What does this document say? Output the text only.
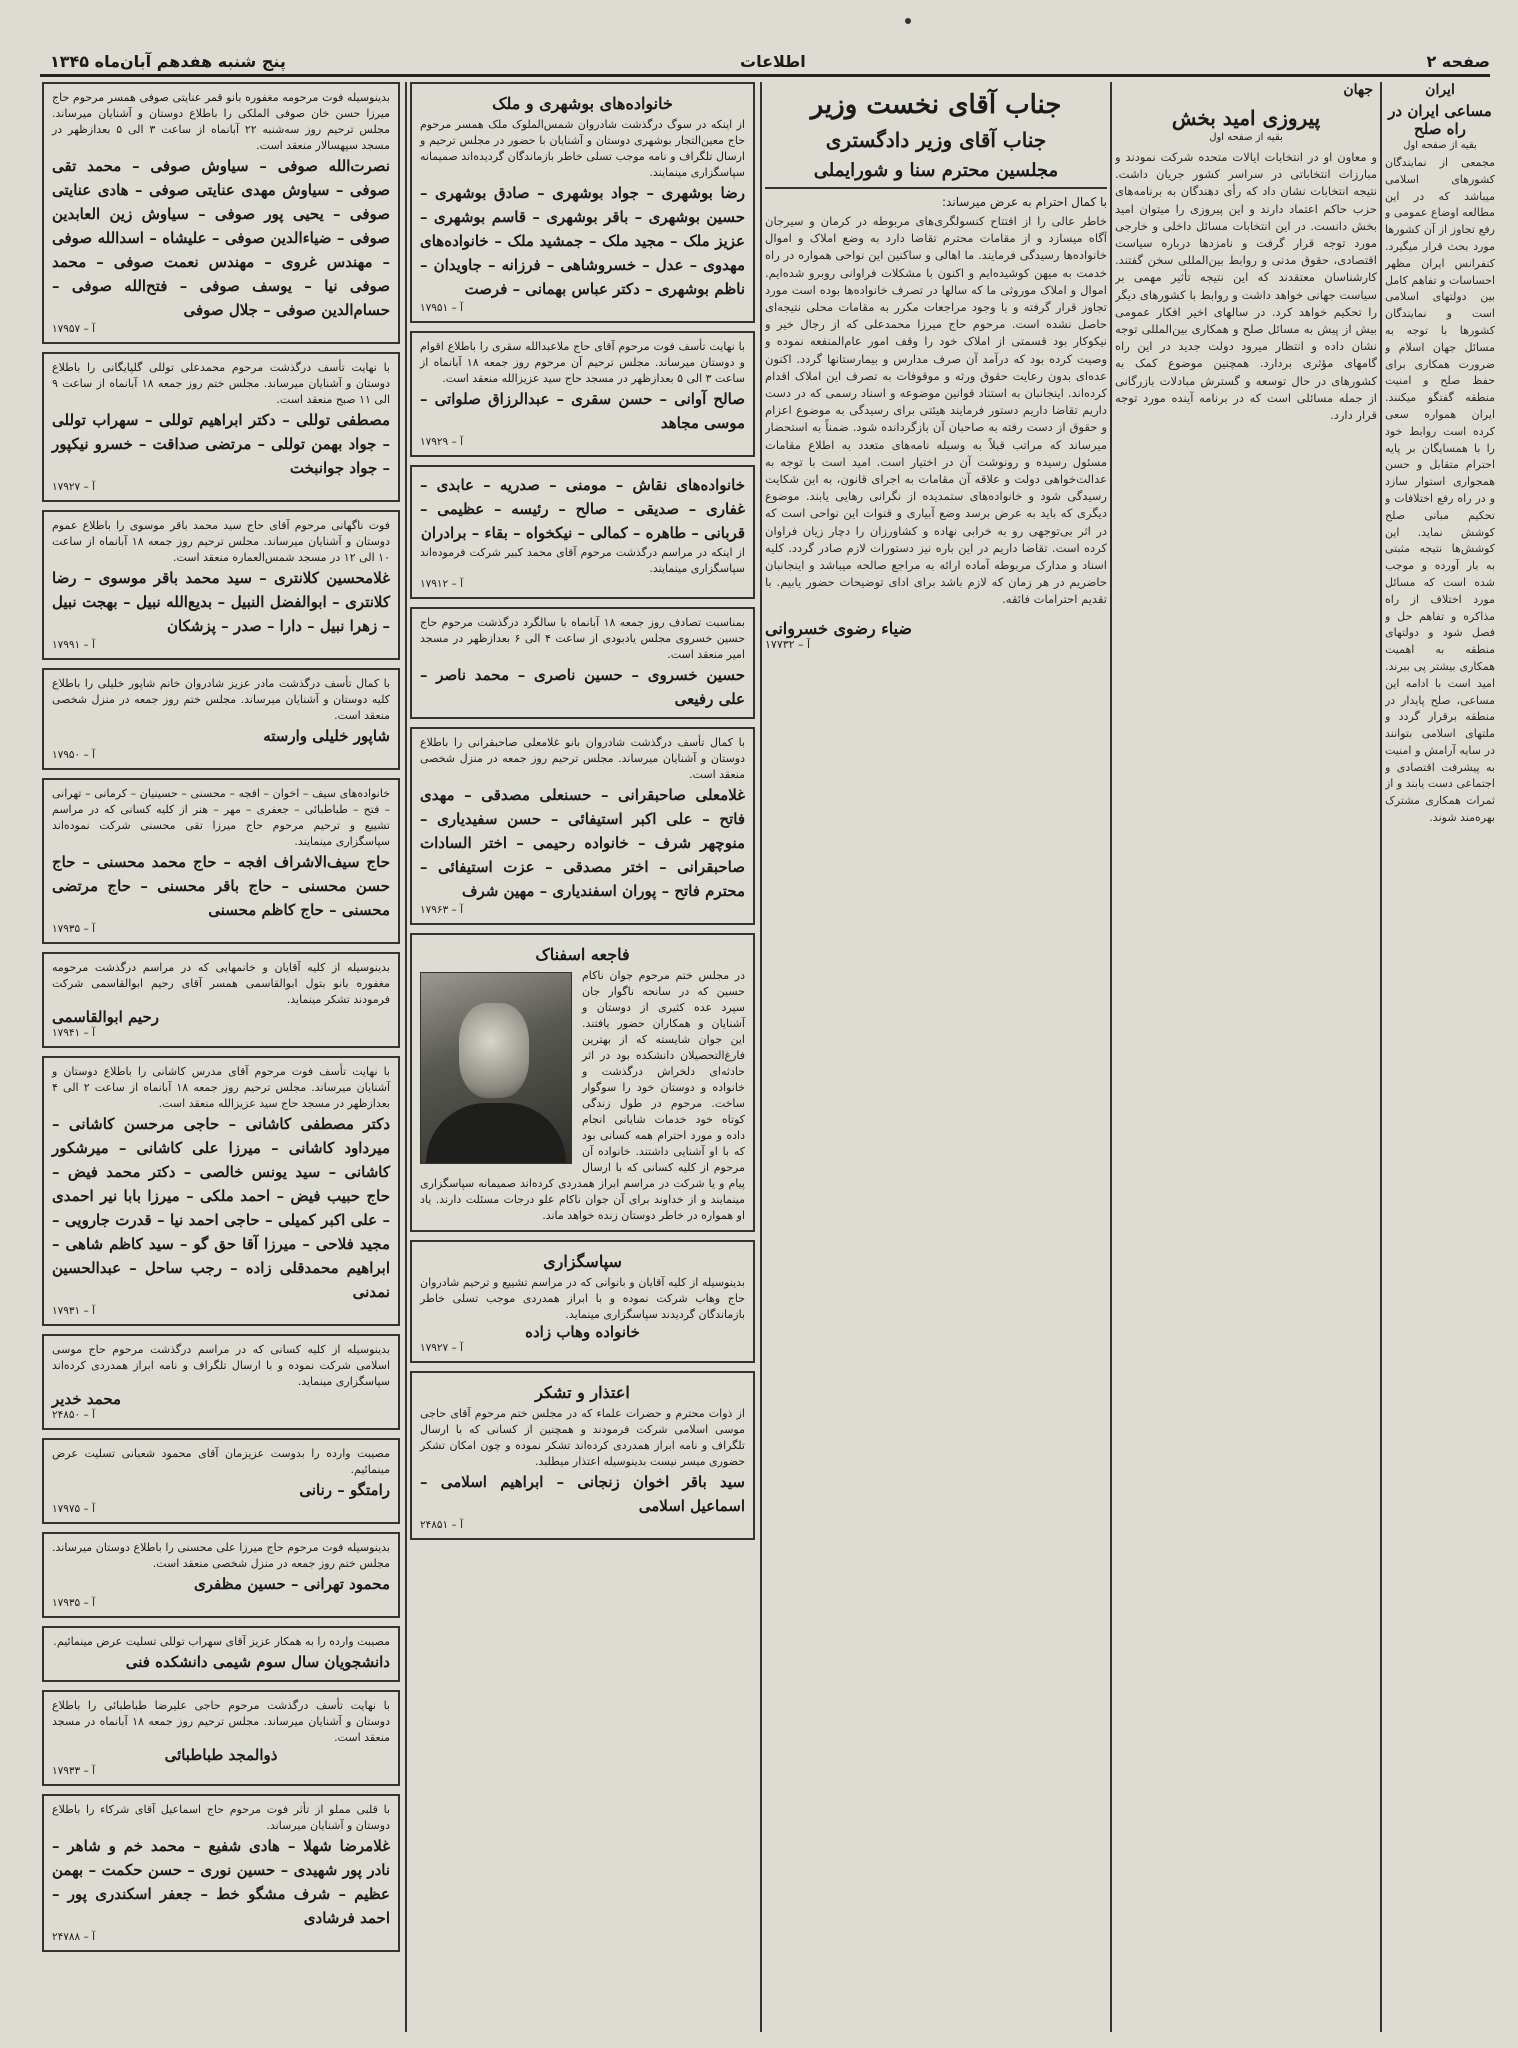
پنج شنبه هفدهم آبان‌ماه ۱۳۴۵	اطلاعات	صفحه ۲
ایران
مساعی ایران در راه صلح
بقیه از صفحه اول
مجمعی از نمایندگان کشورهای اسلامی میباشد که در این مطالعه اوضاع عمومی و رفع تجاوز از آن کشورها مورد بحث قرار میگیرد. کنفرانس ایران مظهر احساسات و تفاهم کامل بین دولتهای اسلامی است و نمایندگان کشورها با توجه به مسائل جهان اسلام و ضرورت همکاری برای حفظ صلح و امنیت منطقه گفتگو میکنند. ایران همواره سعی کرده است روابط خود را با همسایگان بر پایه احترام متقابل و حسن همجواری استوار سازد و در راه رفع اختلافات و تحکیم مبانی صلح کوشش نماید. این کوشش‌ها نتیجه مثبتی به بار آورده و موجب شده است که مسائل مورد اختلاف از راه مذاکره و تفاهم حل و فصل شود و دولتهای منطقه به اهمیت همکاری بیشتر پی ببرند. امید است با ادامه این مساعی، صلح پایدار در منطقه برقرار گردد و ملتهای اسلامی بتوانند در سایه آرامش و امنیت به پیشرفت اقتصادی و اجتماعی دست یابند و از ثمرات همکاری مشترک بهره‌مند شوند.
جهان
پیروزی امید بخش
بقیه از صفحه اول
و معاون او در انتخابات ایالات متحده شرکت نمودند و مبارزات انتخاباتی در سراسر کشور جریان داشت. نتیجه انتخابات نشان داد که رأی دهندگان به برنامه‌های حزب حاکم اعتماد دارند و این پیروزی را میتوان امید بخش دانست. در این انتخابات مسائل داخلی و خارجی مورد توجه قرار گرفت و نامزدها درباره سیاست اقتصادی، حقوق مدنی و روابط بین‌المللی سخن گفتند. کارشناسان معتقدند که این نتیجه تأثیر مهمی بر سیاست جهانی خواهد داشت و روابط با کشورهای دیگر را تحکیم خواهد کرد. در سالهای اخیر افکار عمومی بیش از پیش به مسائل صلح و همکاری بین‌المللی توجه نشان داده و انتظار میرود دولت جدید در این راه گامهای مؤثری بردارد. همچنین موضوع کمک به کشورهای در حال توسعه و گسترش مبادلات بازرگانی از جمله مسائلی است که در برنامه آینده مورد توجه قرار دارد.
جناب آقای نخست وزیر
جناب آقای وزیر دادگستری
مجلسین محترم سنا و شورایملی
با کمال احترام به عرض میرساند:
خاطر عالی را از افتتاح کنسولگری‌های مربوطه در کرمان و سیرجان آگاه میسازد و از مقامات محترم تقاضا دارد به وضع املاک و اموال خانواده‌ها رسیدگی فرمایند. ما اهالی و ساکنین این نواحی همواره در راه خدمت به میهن کوشیده‌ایم و اکنون با مشکلات فراوانی روبرو شده‌ایم. اموال و املاک موروثی ما که سالها در تصرف خانواده‌ها بوده است مورد تجاوز قرار گرفته و با وجود مراجعات مکرر به مقامات محلی نتیجه‌ای حاصل نشده است. مرحوم حاج میرزا محمدعلی که از رجال خیر و نیکوکار بود قسمتی از املاک خود را وقف امور عام‌المنفعه نموده و وصیت کرده بود که درآمد آن صرف مدارس و بیمارستانها گردد. اکنون عده‌ای بدون رعایت حقوق ورثه و موقوفات به تصرف این املاک اقدام کرده‌اند. اینجانبان به استناد قوانین موضوعه و اسناد رسمی که در دست داریم تقاضا داریم دستور فرمایند هیئتی برای رسیدگی به موضوع اعزام و حقوق از دست رفته به صاحبان آن بازگردانده شود. ضمناً به استحضار میرساند که مراتب قبلاً به وسیله نامه‌های متعدد به اطلاع مقامات مسئول رسیده و رونوشت آن در اختیار است. امید است با توجه به عدالت‌خواهی دولت و علاقه آن مقامات به اجرای قانون، به این شکایت رسیدگی شود و خانواده‌های ستمدیده از نگرانی رهایی یابند. موضوع دیگری که باید به عرض برسد وضع آبیاری و قنوات این نواحی است که در اثر بی‌توجهی رو به خرابی نهاده و کشاورزان را دچار زیان فراوان کرده است. تقاضا داریم در این باره نیز دستورات لازم صادر گردد. کلیه اسناد و مدارک مربوطه آماده ارائه به مراجع صالحه میباشد و اینجانبان حاضریم در هر زمان که لازم باشد برای ادای توضیحات حضور یابیم. با تقدیم احترامات فائقه.
ضیاء رضوی خسروانی
آ – ۱۷۷۳۲
خانواده‌های بوشهری و ملک
از اینکه در سوگ درگذشت شادروان شمس‌الملوک ملک همسر مرحوم حاج معین‌التجار بوشهری دوستان و آشنایان با حضور در مجلس ترحیم و ارسال تلگراف و نامه موجب تسلی خاطر بازماندگان گردیده‌اند صمیمانه سپاسگزاری مینمایند.
رضا بوشهری – جواد بوشهری – صادق بوشهری – حسین بوشهری – باقر بوشهری – قاسم بوشهری – عزیز ملک – مجید ملک – جمشید ملک – خانواده‌های مهدوی – عدل – خسروشاهی – فرزانه – جاویدان – ناظم بوشهری – دکتر عباس بهمانی – فرصت
آ – ۱۷۹۵۱
با نهایت تأسف فوت مرحوم آقای حاج ملاعبدالله سقری را باطلاع اقوام و دوستان میرساند. مجلس ترحیم آن مرحوم روز جمعه ۱۸ آبانماه از ساعت ۳ الی ۵ بعدازظهر در مسجد حاج سید عزیزالله منعقد است.
صالح آوانی – حسن سقری – عبدالرزاق صلواتی – موسی مجاهد
آ – ۱۷۹۲۹
خانواده‌های نقاش – مومنی – صدریه – عابدی – غفاری – صدیقی – صالح – رئیسه – عظیمی – قربانی – طاهره – کمالی – نیکخواه – بقاء – برادران
از اینکه در مراسم درگذشت مرحوم آقای محمد کبیر شرکت فرموده‌اند سپاسگزاری مینمایند.
آ – ۱۷۹۱۲
بمناسبت تصادف روز جمعه ۱۸ آبانماه با سالگرد درگذشت مرحوم حاج حسین خسروی مجلس یادبودی از ساعت ۴ الی ۶ بعدازظهر در مسجد امیر منعقد است.
حسین خسروی – حسین ناصری – محمد ناصر – علی رفیعی
با کمال تأسف درگذشت شادروان بانو غلامعلی صاحبقرانی را باطلاع دوستان و آشنایان میرساند. مجلس ترحیم روز جمعه در منزل شخصی منعقد است.
غلامعلی صاحبقرانی – حسنعلی مصدقی – مهدی فاتح – علی اکبر استیفائی – حسن سفیدیاری – منوچهر شرف – خانواده رحیمی – اختر السادات صاحبقرانی – اختر مصدقی – عزت استیفائی – محترم فاتح – پوران اسفندیاری – مهین شرف
آ – ۱۷۹۶۳
فاجعه اسفناک
در مجلس ختم مرحوم جوان ناکام حسین که در سانحه ناگوار جان سپرد عده کثیری از دوستان و آشنایان و همکاران حضور یافتند. این جوان شایسته که از بهترین فارغ‌التحصیلان دانشکده بود در اثر حادثه‌ای دلخراش درگذشت و خانواده و دوستان خود را سوگوار ساخت. مرحوم در طول زندگی کوتاه خود خدمات شایانی انجام داده و مورد احترام همه کسانی بود که با او آشنایی داشتند. خانواده آن مرحوم از کلیه کسانی که با ارسال پیام و یا شرکت در مراسم ابراز همدردی کرده‌اند صمیمانه سپاسگزاری مینمایند و از خداوند برای آن جوان ناکام علو درجات مسئلت دارند. یاد او همواره در خاطر دوستان زنده خواهد ماند.
سپاسگزاری
بدینوسیله از کلیه آقایان و بانوانی که در مراسم تشییع و ترحیم شادروان حاج وهاب شرکت نموده و با ابراز همدردی موجب تسلی خاطر بازماندگان گردیدند سپاسگزاری مینماید.
خانواده وهاب زاده
آ – ۱۷۹۲۷
اعتذار و تشکر
از ذوات محترم و حضرات علماء که در مجلس ختم مرحوم آقای حاجی موسی اسلامی شرکت فرمودند و همچنین از کسانی که با ارسال تلگراف و نامه ابراز همدردی کرده‌اند تشکر نموده و چون امکان تشکر حضوری میسر نیست بدینوسیله اعتذار میطلبد.
سید باقر اخوان زنجانی – ابراهیم اسلامی – اسماعیل اسلامی
آ – ۲۴۸۵۱
بدینوسیله فوت مرحومه مغفوره بانو قمر عنایتی صوفی همسر مرحوم حاج میرزا حسن خان صوفی الملکی را باطلاع دوستان و آشنایان میرساند. مجلس ترحیم روز سه‌شنبه ۲۲ آبانماه از ساعت ۳ الی ۵ بعدازظهر در مسجد سپهسالار منعقد است.
نصرت‌الله صوفی – سیاوش صوفی – محمد تقی صوفی – سیاوش مهدی عنایتی صوفی – هادی عنایتی صوفی – یحیی پور صوفی – سیاوش زین العابدین صوفی – ضیاءالدین صوفی – علیشاه – اسدالله صوفی – مهندس غروی – مهندس نعمت صوفی – محمد صوفی نیا – یوسف صوفی – فتح‌الله صوفی – حسام‌الدین صوفی – جلال صوفی
آ – ۱۷۹۵۷
با نهایت تأسف درگذشت مرحوم محمدعلی توللی گلپایگانی را باطلاع دوستان و آشنایان میرساند. مجلس ختم روز جمعه ۱۸ آبانماه از ساعت ۹ الی ۱۱ صبح منعقد است.
مصطفی توللی – دکتر ابراهیم توللی – سهراب توللی – جواد بهمن توللی – مرتضی صداقت – خسرو نیکپور – جواد جوانبخت
آ – ۱۷۹۲۷
فوت ناگهانی مرحوم آقای حاج سید محمد باقر موسوی را باطلاع عموم دوستان و آشنایان میرساند. مجلس ترحیم روز جمعه ۱۸ آبانماه از ساعت ۱۰ الی ۱۲ در مسجد شمس‌العماره منعقد است.
غلامحسین کلانتری – سید محمد باقر موسوی – رضا کلانتری – ابوالفضل النبیل – بدیع‌الله نبیل – بهجت نبیل – زهرا نبیل – دارا – صدر – پزشکان
آ – ۱۷۹۹۱
با کمال تأسف درگذشت مادر عزیز شادروان خانم شاپور خلیلی را باطلاع کلیه دوستان و آشنایان میرساند. مجلس ختم روز جمعه در منزل شخصی منعقد است.
شاپور خلیلی وارسته
آ – ۱۷۹۵۰
خانواده‌های سیف – اخوان – افجه – محسنی – حسینیان – کرمانی – تهرانی – فتح – طباطبائی – جعفری – مهر – هنر از کلیه کسانی که در مراسم تشییع و ترحیم مرحوم حاج میرزا تقی محسنی شرکت نموده‌اند سپاسگزاری مینمایند.
حاج سیف‌الاشراف افجه – حاج محمد محسنی – حاج حسن محسنی – حاج باقر محسنی – حاج مرتضی محسنی – حاج کاظم محسنی
آ – ۱۷۹۳۵
بدینوسیله از کلیه آقایان و خانمهایی که در مراسم درگذشت مرحومه مغفوره بانو بتول ابوالقاسمی همسر آقای رحیم ابوالقاسمی شرکت فرمودند تشکر مینماید.
رحیم ابوالقاسمی
آ – ۱۷۹۴۱
با نهایت تأسف فوت مرحوم آقای مدرس کاشانی را باطلاع دوستان و آشنایان میرساند. مجلس ترحیم روز جمعه ۱۸ آبانماه از ساعت ۲ الی ۴ بعدازظهر در مسجد حاج سید عزیزالله منعقد است.
دکتر مصطفی کاشانی – حاجی مرحسن کاشانی – میرداود کاشانی – میرزا علی کاشانی – میرشکور کاشانی – سید یونس خالصی – دکتر محمد فیض – حاج حبیب فیض – احمد ملکی – میرزا بابا نیر احمدی – علی اکبر کمیلی – حاجی احمد نیا – قدرت جارویی – مجید فلاحی – میرزا آقا حق گو – سید کاظم شاهی – ابراهیم محمدقلی زاده – رجب ساحل – عبدالحسین نمدنی
آ – ۱۷۹۳۱
بدینوسیله از کلیه کسانی که در مراسم درگذشت مرحوم حاج موسی اسلامی شرکت نموده و با ارسال تلگراف و نامه ابراز همدردی کرده‌اند سپاسگزاری مینماید.
محمد خدیر
آ – ۲۴۸۵۰
مصیبت وارده را بدوست عزیزمان آقای محمود شعبانی تسلیت عرض مینمائیم.
رامتگو – رنانی
آ – ۱۷۹۷۵
بدینوسیله فوت مرحوم حاج میرزا علی محسنی را باطلاع دوستان میرساند. مجلس ختم روز جمعه در منزل شخصی منعقد است.
محمود تهرانی – حسین مظفری
آ – ۱۷۹۳۵
مصیبت وارده را به همکار عزیز آقای سهراب توللی تسلیت عرض مینمائیم.
دانشجویان سال سوم شیمی دانشکده فنی
با نهایت تأسف درگذشت مرحوم حاجی علیرضا طباطبائی را باطلاع دوستان و آشنایان میرساند. مجلس ترحیم روز جمعه ۱۸ آبانماه در مسجد منعقد است.
ذوالمجد طباطبائی
آ – ۱۷۹۳۳
با قلبی مملو از تأثر فوت مرحوم حاج اسماعیل آقای شرکاء را باطلاع دوستان و آشنایان میرساند.
غلامرضا شهلا – هادی شفیع – محمد خم و شاهر – نادر پور شهیدی – حسین نوری – حسن حکمت – بهمن عظیم – شرف مشگو خط – جعفر اسکندری پور – احمد فرشادی
آ – ۲۴۷۸۸
